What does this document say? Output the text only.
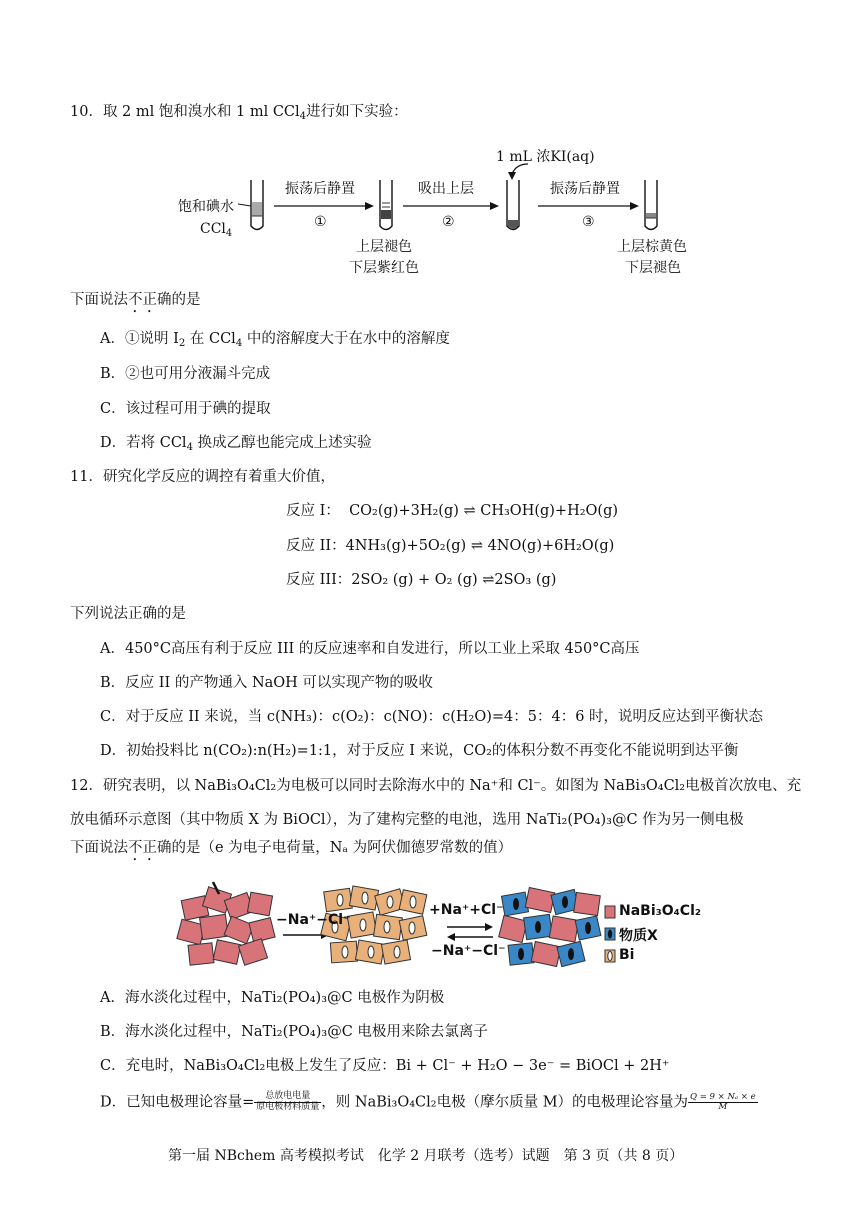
10．取 2 ml 饱和溴水和 1 ml CCl$_4$进行如下实验：
1 mL 浓KI(aq)
饱和碘水
CCl$_4$
振荡后静置
①
吸出上层
②
振荡后静置
③
上层褪色
下层紫红色
上层棕黄色
下层褪色
下面说法不正确的是
A．①说明 $I_2$ 在 CCl$_4$ 中的溶解度大于在水中的溶解度
B．②也可用分液漏斗完成
C．该过程可用于碘的提取
D．若将 CCl$_4$ 换成乙醇也能完成上述实验
11．研究化学反应的调控有着重大价值，
反应 I： CO₂(g)+3H₂(g) ⇌ CH₃OH(g)+H₂O(g)
反应 II：4NH₃(g)+5O₂(g) ⇌ 4NO(g)+6H₂O(g)
反应 III：2SO₂ (g) + O₂ (g) ⇌2SO₃ (g)
下列说法正确的是
A．450°C高压有利于反应 III 的反应速率和自发进行，所以工业上采取 450°C高压
B．反应 II 的产物通入 NaOH 可以实现产物的吸收
C．对于反应 II 来说，当 c(NH₃)：c(O₂)：c(NO)：c(H₂O)=4：5：4：6 时，说明反应达到平衡状态
D．初始投料比 n(CO₂):n(H₂)=1:1，对于反应 I 来说，CO₂的体积分数不再变化不能说明到达平衡
12．研究表明，以 NaBi₃O₄Cl₂为电极可以同时去除海水中的 Na⁺和 Cl⁻。如图为 NaBi₃O₄Cl₂电极首次放电、充
放电循环示意图（其中物质 X 为 BiOCl），为了建构完整的电池，选用 NaTi₂(PO₄)₃@C 作为另一侧电极
下面说法不正确的是（e 为电子电荷量，Nₐ 为阿伏伽德罗常数的值）
−Na⁺−Cl⁻
+Na⁺+Cl⁻
−Na⁺−Cl⁻
NaBi₃O₄Cl₂
物质X
Bi
A．海水淡化过程中，NaTi₂(PO₄)₃@C 电极作为阴极
B．海水淡化过程中，NaTi₂(PO₄)₃@C 电极用来除去氯离子
C．充电时，NaBi₃O₄Cl₂电极上发生了反应：Bi + Cl⁻ + H₂O − 3e⁻ = BiOCl + 2H⁺
D．已知电极理论容量= $\frac{\text{总放电电量}}{\text{原电极材料质量}}$ ，则 NaBi₃O₄Cl₂电极（摩尔质量 M）的电极理论容量为 $\frac{\text{Q = 9 × Nₐ × e}}{M}$
第一届 NBchem 高考模拟考试　化学 2 月联考（选考）试题　第 3 页（共 8 页）
